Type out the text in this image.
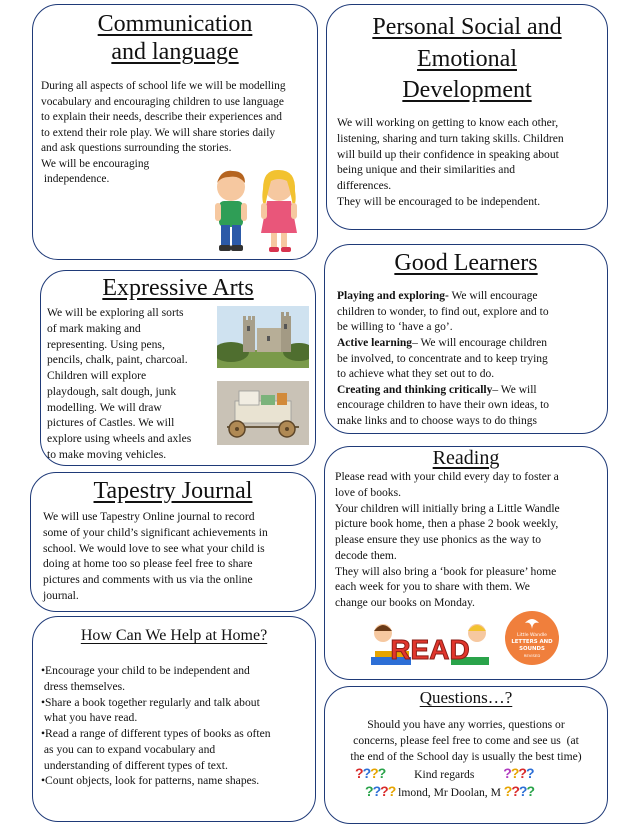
Communication
and language

During all aspects of school life we will be modelling
vocabulary and encouraging children to use language
to explain their needs, describe their experiences and
to extend their role play. We will share stories daily
and ask questions surrounding the stories.
We will be encouraging
independence.

Personal Social and
Emotional
Development

We will working on getting to know each other,
listening, sharing and turn taking skills. Children
will build up their confidence in speaking about
being unique and their similarities and
differences.
They will be encouraged to be independent.

Expressive Arts

We will be exploring all sorts
of mark making and
representing. Using pens,
pencils, chalk, paint, charcoal.
Children will explore
playdough, salt dough, junk
modelling. We will draw
pictures of Castles. We will
explore using wheels and axles
to make moving vehicles.

Good Learners

Playing and exploring- We will encourage
children to wonder, to find out, explore and to
be willing to ‘have a go’.
Active learning– We will encourage children
be involved, to concentrate and to keep trying
to achieve what they set out to do.
Creating and thinking critically– We will
encourage children to have their own ideas, to
make links and to choose ways to do things

Tapestry Journal

We will use Tapestry Online journal to record
some of your child’s significant achievements in
school. We would love to see what your child is
doing at home too so please feel free to share
pictures and comments with us via the online
journal.

Reading

Please read with your child every day to foster a
love of books.
Your children will initially bring a Little Wandle
picture book home, then a phase 2 book weekly,
please ensure they use phonics as the way to
decode them.
They will also bring a ‘book for pleasure’ home
each week for you to share with them. We
change our books on Monday.
READ	Little Wandle
LETTERS AND
SOUNDS
REVISED

How Can We Help at Home?

•Encourage your child to be independent and
dress themselves.
•Share a book together regularly and talk about
what you have read.
•Read a range of different types of books as often
as you can to expand vocabulary and
understanding of different types of text.
•Count objects, look for patterns, name shapes.

Questions…?

Should you have any worries, questions or
concerns, please feel free to come and see us  (at
the end of the School day is usually the best time)
???? Kind regards ????
???? lmond, Mr Doolan, M ????
